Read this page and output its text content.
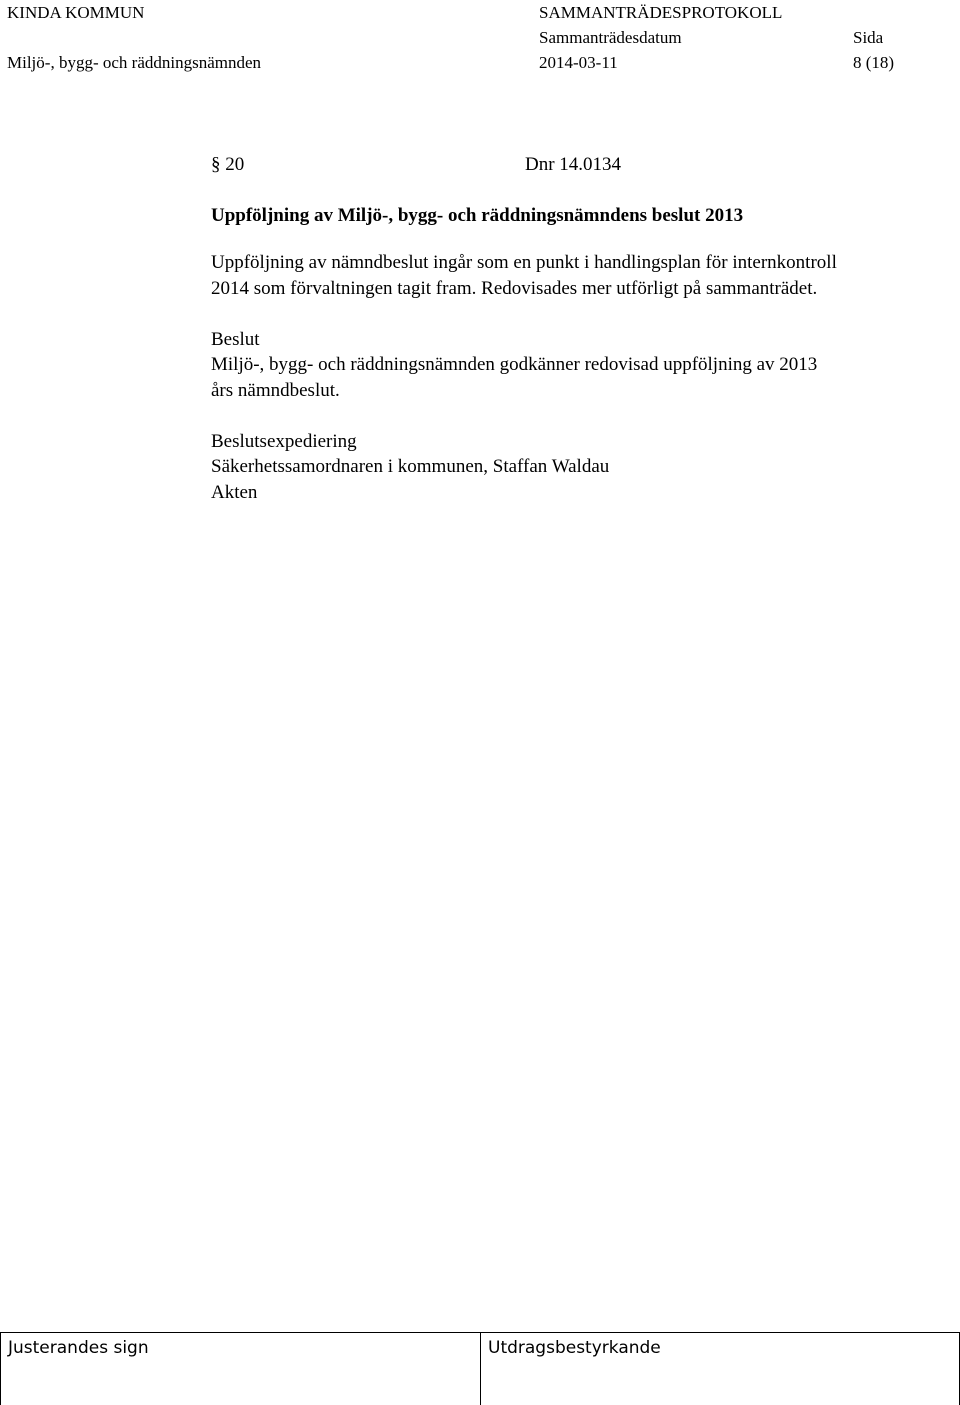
KINDA KOMMUN
Miljö-, bygg- och räddningsnämnden
SAMMANTRÄDESPROTOKOLL
Sammanträdesdatum
2014-03-11
Sida
8 (18)
§ 20	Dnr 14.0134
Uppföljning av Miljö-, bygg- och räddningsnämndens beslut 2013
Uppföljning av nämndbeslut ingår som en punkt i handlingsplan för internkontroll
2014 som förvaltningen tagit fram. Redovisades mer utförligt på sammanträdet.
Beslut
Miljö-, bygg- och räddningsnämnden godkänner redovisad uppföljning av 2013
års nämndbeslut.
Beslutsexpediering
Säkerhetssamordnaren i kommunen, Staffan Waldau
Akten
Justerandes sign	Utdragsbestyrkande
